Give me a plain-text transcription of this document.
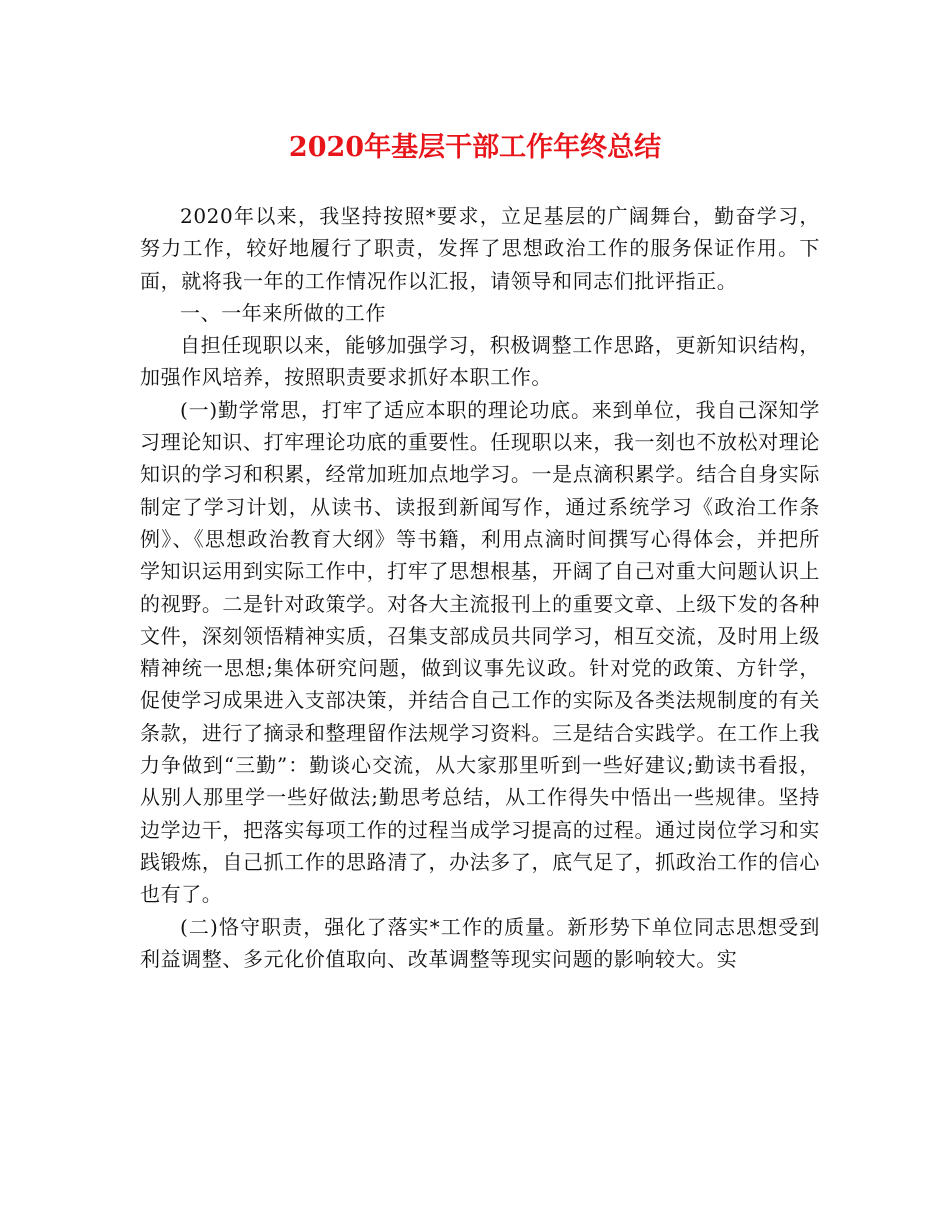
2020年基层干部工作年终总结

2020年以来，我坚持按照*要求，立足基层的广阔舞台，勤奋学习，努力工作，较好地履行了职责，发挥了思想政治工作的服务保证作用。下面，就将我一年的工作情况作以汇报，请领导和同志们批评指正。

一、一年来所做的工作

自担任现职以来，能够加强学习，积极调整工作思路，更新知识结构，加强作风培养，按照职责要求抓好本职工作。

(一)勤学常思，打牢了适应本职的理论功底。来到单位，我自己深知学习理论知识、打牢理论功底的重要性。任现职以来，我一刻也不放松对理论知识的学习和积累，经常加班加点地学习。一是点滴积累学。结合自身实际制定了学习计划，从读书、读报到新闻写作，通过系统学习《政治工作条例》、《思想政治教育大纲》等书籍，利用点滴时间撰写心得体会，并把所学知识运用到实际工作中，打牢了思想根基，开阔了自己对重大问题认识上的视野。二是针对政策学。对各大主流报刊上的重要文章、上级下发的各种文件，深刻领悟精神实质，召集支部成员共同学习，相互交流，及时用上级精神统一思想;集体研究问题，做到议事先议政。针对党的政策、方针学，促使学习成果进入支部决策，并结合自己工作的实际及各类法规制度的有关条款，进行了摘录和整理留作法规学习资料。三是结合实践学。在工作上我力争做到“三勤”：勤谈心交流，从大家那里听到一些好建议;勤读书看报，从别人那里学一些好做法;勤思考总结，从工作得失中悟出一些规律。坚持边学边干，把落实每项工作的过程当成学习提高的过程。通过岗位学习和实践锻炼，自己抓工作的思路清了，办法多了，底气足了，抓政治工作的信心也有了。

(二)恪守职责，强化了落实*工作的质量。新形势下单位同志思想受到利益调整、多元化价值取向、改革调整等现实问题的影响较大。实
